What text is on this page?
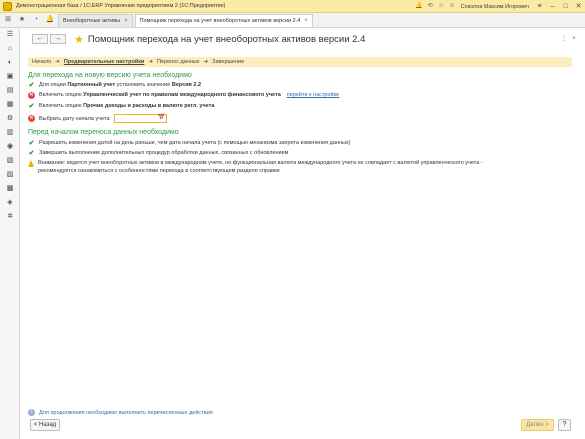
Демонстрационная база / 1С:ERP Управление предприятием 2 (1С:Предприятие)	🔔 ⟲ ☆ ☺ Соколов Максим Игоревич	≡	–	□	✕
⊞	★	◔	🔔 Внеоборотные активы × Помощник перехода на учет внеоборотных активов версии 2.4 ×
☰
⌂
◐
▣
▤
▦
⚙
▥
◉
▧
▨
▩
◈
✲
←	→	★ Помощник перехода на учет внеоборотных активов версии 2.4	⋮ ×
Начало ➜ Предварительные настройки ➜ Перенос данных ➜ Завершение
Для перехода на новую версию учета необходимо
✔ Для опции Партионный учет установить значение Версия 2.2
✕ Включить опцию Управленческий учет по правилам международного финансового учета перейти к настройке
✔ Включить опцию Прочие доходы и расходы в валюте регл. учета
✕ Выбрать дату начала учета:	. .	📅
Перед началом переноса данных необходимо
✔ Разрешить изменения датой на день раньше, чем дата начала учета (с помощью механизма запрета изменения данных)
✔ Завершить выполнение дополнительных процедур обработки данных, связанных с обновлением
Внимание: ведется учет внеоборотных активов в международном учете, но функциональная валюта международного учета не совпадает с валютой управленческого учета - рекомендуется ознакомиться с особенностями перехода в соответствующем разделе справки
i	Для продолжения необходимо выполнить перечисленные действия
< Назад	Далее >	?
